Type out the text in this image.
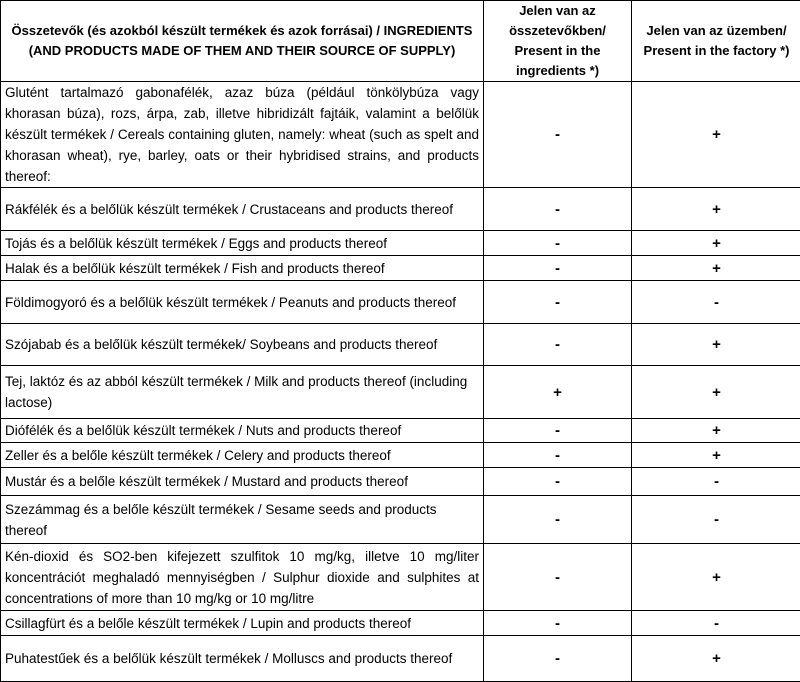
Összetevők (és azokból készült termékek és azok forrásai) / INGREDIENTS (AND PRODUCTS MADE OF THEM AND THEIR SOURCE OF SUPPLY)	Jelen van az összetevőkben/ Present in the ingredients *)	Jelen van az üzemben/ Present in the factory *)

Glutént tartalmazó gabonafélék, azaz búza (például tönkölybúza vagy khorasan búza), rozs, árpa, zab, illetve hibridizált fajtáik, valamint a belőlük készült termékek / Cereals containing gluten, namely: wheat (such as spelt and khorasan wheat), rye, barley, oats or their hybridised strains, and products thereof:	-	+
Rákfélék és a belőlük készült termékek / Crustaceans and products thereof	-	+
Tojás és a belőlük készült termékek / Eggs and products thereof	-	+
Halak és a belőlük készült termékek / Fish and products thereof	-	+
Földimogyoró és a belőlük készült termékek / Peanuts and products thereof	-	-
Szójabab és a belőlük készült termékek/ Soybeans and products thereof	-	+
Tej, laktóz és az abból készült termékek / Milk and products thereof (including lactose)	+	+
Diófélék és a belőlük készült termékek / Nuts and products thereof	-	+
Zeller és a belőle készült termékek / Celery and products thereof	-	+
Mustár és a belőle készült termékek / Mustard and products thereof	-	-
Szezámmag és a belőle készült termékek / Sesame seeds and products thereof	-	-
Kén-dioxid és SO2-ben kifejezett szulfitok 10 mg/kg, illetve 10 mg/liter koncentrációt meghaladó mennyiségben / Sulphur dioxide and sulphites at concentrations of more than 10 mg/kg or 10 mg/litre	-	+
Csillagfürt és a belőle készült termékek / Lupin and products thereof	-	-
Puhatestűek és a belőlük készült termékek / Molluscs and products thereof	-	+
